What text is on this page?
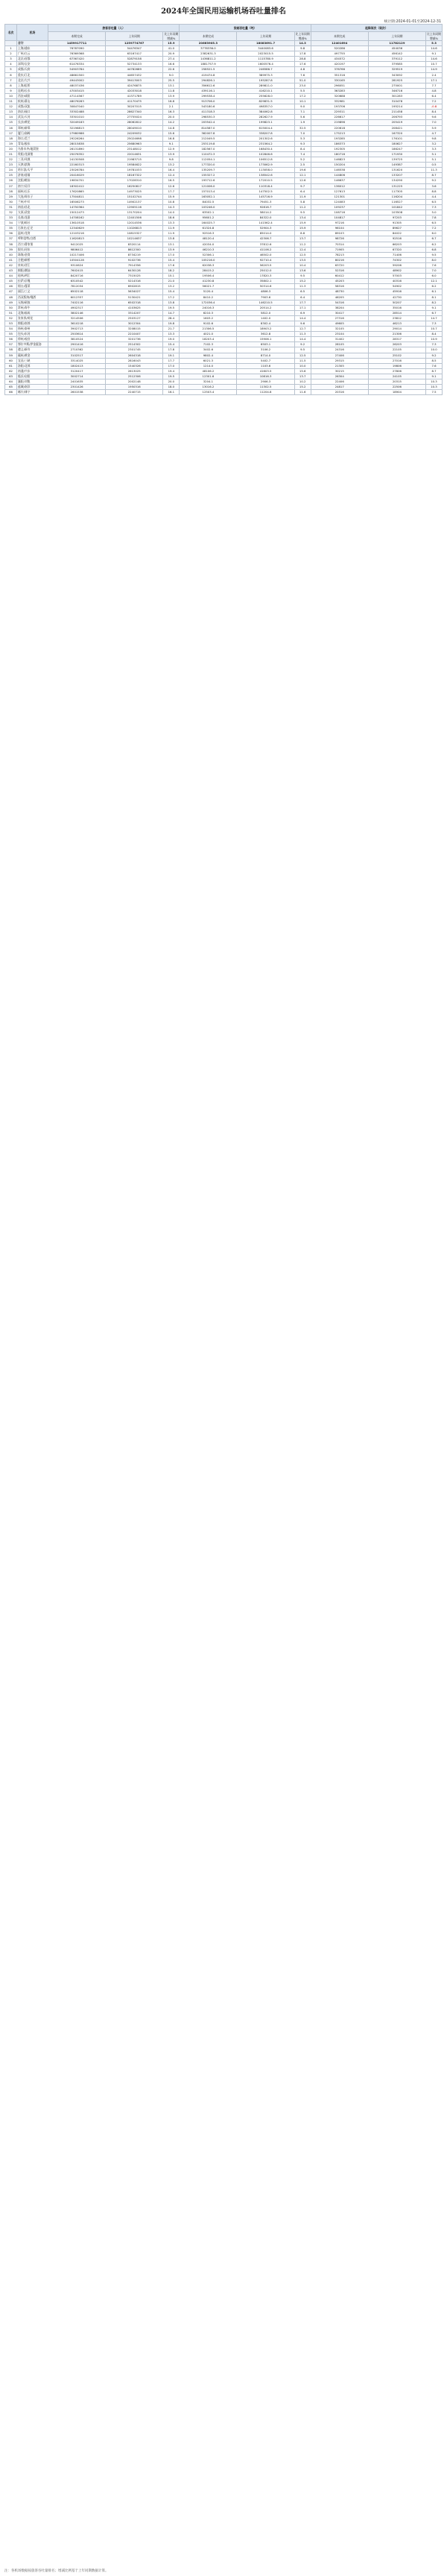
2024年全国民用运输机场吞吐量排名
统计期:2024-01-01至2024-12-31
名次	机场	旅客吞吐量（人）			货邮吞吐量（吨）			起降架次（架次）		
		本期完成	上年同期	比上年同期增减%	本期完成	上年同期	比上年同期增减%	本期完成	上年同期	比上年同期增减%
	合计	1459917711	1259774767	15.9	20663905.3	18083691.7	14.3	12401694	11782129	5.3
1	上海/浦东	76787090	54476347	41.0	3778336.0	3440083.6	9.8	520286	454036	14.6
2	广州/白云	76369368	63167417	20.9	2382631.3	2023015.5	17.8	497755	456142	9.1
3	北京/首都	67367420	52879158	27.4	1436811.2	1115780.9	28.8	434572	379112	14.6
4	深圳/宝安	61476334	52734133	16.6	1881757.9	1600576.4	17.6	420197	379585	10.7
5	成都/天府	54903784	44782689	22.6	258521.5	246586.7	4.8	378766	329519	14.9
6	重庆/江北	48661500	44657432	9.0	419474.8	389975.3	7.6	351316	343092	2.4
7	北京/大兴	49443002	39413003	25.5	294826.1	195287.8	51.0	330165	281925	17.1
8	上海/虹桥	48037436	42476875	13.1	356612.6	289811.0	23.0	296051	275001	7.7
9	昆明/长水	47003415	42033018	11.8	439116.1	416210.1	5.5	363283	346716	4.8
10	西安/咸阳	47114567	41371789	13.9	299538.4	255628.0	17.2	320688	301283	6.4
11	杭州/萧山	48076283	41170475	16.8	913706.0	829831.5	10.1	332981	310478	7.2
12	成都/双流	30847040	30207015	2.1	543180.6	498357.0	9.0	193706	195214	-0.8
13	南京/禄口	33302488	28627340	16.3	411318.3	384062.8	7.1	229311	211458	8.4
14	武汉/天河	33301010	27755024	20.0	298530.3	282627.9	5.6	226617	206793	9.6
15	长沙/黄花	32049183	28062812	14.2	203542.4	199823.1	1.9	219896	205419	7.0
16	郑州/新郑	32196813	28049010	14.8	814587.0	615004.4	32.5	220618	208421	5.9
17	厦门/高崎	27980986	24209032	15.6	362007.8	338207.8	7.0	175213	167320	4.7
18	海口/美兰	29226264	25024698	16.8	212049.5	201302.6	5.3	193285	176101	9.8
19	青岛/胶东	28015838	25680963	9.1	253119.8	231564.2	9.3	186373	180627	3.2
20	乌鲁木齐/地窝堡	26131890	23148012	12.9	182567.0	168430.4	8.4	192305	186247	3.3
21	贵阳/龙洞堡	25076352	22014631	13.9	110472.3	102846.6	7.4	180716	171930	5.1
22	三亚/凤凰	24130508	21983715	9.8	112054.1	106512.8	5.2	146823	139725	5.1
23	天津/滨海	22160313	19584622	13.2	177320.0	173062.9	2.5	150204	149387	0.5
24	哈尔滨/太平	23026784	19781033	16.4	135209.7	113058.0	19.6	146538	131620	11.3
25	济南/遥墙	20416029	18167322	12.4	155327.2	138542.6	12.1	144806	133207	8.7
26	沈阳/桃仙	19834701	17028310	16.5	193712.6	172010.5	12.6	146637	134290	9.2
27	南宁/吴圩	18302412	16250817	12.6	121006.0	110318.4	9.7	136012	131225	3.6
28	福州/长乐	17620865	14973025	17.7	157013.4	147502.5	6.4	127613	117305	8.8
29	大连/周水子	17504811	15102744	15.9	163052.1	145716.9	11.9	121301	116204	4.4
30	兰州/中川	16506273	14902137	10.8	84032.5	79451.3	5.8	124083	116527	6.5
31	南昌/昌北	14750364	12905116	14.3	103246.0	92816.7	11.2	109237	101842	7.3
32	太原/武宿	15012473	13170204	14.0	63502.1	58014.2	9.5	108716	103508	5.0
33	长春/龙嘉	14708162	12401506	18.6	95601.2	84322.0	13.4	104817	97203	7.8
34	宁波/栎社	13610518	12014536	13.3	164025.7	141562.4	15.9	97216	91305	6.5
35	石家庄/正定	12340629	11026813	11.9	61324.8	52904.3	15.9	96104	89627	7.2
36	温州/龙湾	12103216	10815327	11.9	92516.3	85014.0	8.8	89103	84022	6.0
37	呼和浩特/白塔	11620813	10214637	13.8	48120.4	42306.7	13.7	98726	92516	6.7
38	西宁/曹家堡	9412025	8320114	13.1	42034.0	37812.6	11.2	70314	66203	6.2
39	银川/河东	9806412	8612300	13.9	46210.3	41106.2	12.4	71905	67320	6.8
40	珠海/金湾	10217406	8734219	17.0	52306.1	46502.0	12.5	78213	71406	9.5
41	合肥/新桥	10504128	9102736	15.4	105216.0	92710.4	13.5	80216	74302	8.0
42	泉州/晋江	9310624	7914356	17.6	62038.3	56203.5	10.4	63720	59206	7.6
43	揭阳/潮汕	7602415	6430128	18.2	28415.2	25012.0	13.6	52316	48902	7.0
44	桂林/两江	8420716	7315025	15.1	19506.4	17820.3	9.5	60412	57003	6.0
45	拉萨/贡嘎	6310542	5214316	21.0	41230.8	35802.1	15.2	45203	40316	12.1
46	烟台/蓬莱	7812034	6902815	13.2	56021.7	50314.6	11.3	58316	54902	6.2
47	丽江/三义	6502118	5634027	15.4	5120.4	4806.3	6.5	48730	45916	6.1
48	西双版纳/嘎洒	6012357	5130421	17.2	8410.2	7903.6	6.4	46205	42730	8.1
49	无锡/硕放	7402116	6502318	13.8	172036.4	146210.5	17.7	54316	50207	8.2
50	常州/奔牛	4902317	4103625	19.5	24016.3	20514.2	17.1	38204	35016	9.1
51	北海/福成	3802146	3314207	14.7	6210.3	5812.0	6.9	30417	28514	6.7
52	张家界/荷花	3214506	2503127	28.4	1603.2	1402.0	14.4	27316	23812	14.7
53	绵阳/南郊	3610218	3012304	19.8	9102.6	8302.4	9.6	49605	46213	7.3
54	扬州/泰州	3902713	3208015	21.7	21306.5	18903.2	12.7	32105	29014	10.7
55	包头/东河	2503614	2210407	13.3	4021.0	3612.8	11.3	23104	21306	8.4
56	徐州/观音	3810524	3201736	19.0	18203.4	15906.1	14.4	31402	28317	10.9
57	鄂尔多斯/伊金霍洛	2901416	2514302	15.4	7102.3	6503.1	9.2	28105	26203	7.3
58	遵义/新舟	2710362	2301745	17.8	3402.6	3106.2	9.5	24316	22105	10.0
59	赣州/黄金	3102517	2604318	19.1	9802.4	8714.0	12.5	27406	25102	9.2
60	宜昌/三峡	3314025	2816043	17.7	6021.3	5402.7	11.5	29315	27016	8.5
61	洛阳/北郊	1802413	1540326	17.0	1214.0	1103.6	10.0	21305	19806	7.6
62	南通/兴东	3120417	2613025	19.4	48106.2	41603.5	15.6	30215	27806	8.7
63	临沂/启阳	3002714	2512306	19.5	12301.6	10816.3	13.7	26304	24105	9.1
64	襄阳/刘集	2401635	2002148	20.0	3204.1	2906.3	10.2	22406	20315	10.3
65	盐城/南洋	2301426	1950316	18.0	13016.2	11302.5	15.2	24817	22506	10.3
66	喀什/徕宁	2601538	2240715	16.1	12503.4	11204.8	11.6	20316	18904	7.5
注：各机场数据按旅客吞吐量排名；增减比例基于上年同期数据计算。
